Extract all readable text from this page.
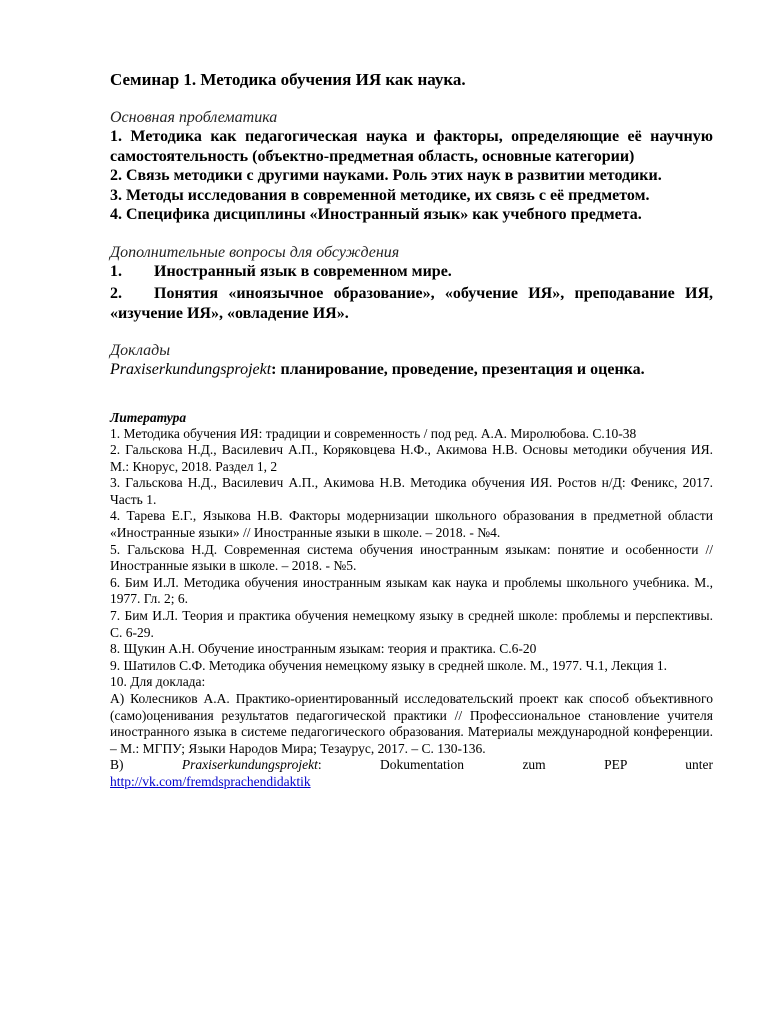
Семинар 1. Методика обучения ИЯ как наука.

Основная проблематика
1. Методика как педагогическая наука и факторы, определяющие её научную самостоятельность (объектно-предметная область, основные категории)
2. Связь методики с другими науками. Роль этих наук в развитии методики.
3. Методы исследования в современной методике, их связь с её предметом.
4. Специфика дисциплины «Иностранный язык» как учебного предмета.
Дополнительные вопросы для обсуждения
1.	Иностранный язык в современном мире.
2. Понятия «иноязычное образование», «обучение ИЯ», преподавание ИЯ, «изучение ИЯ», «овладение ИЯ».
Доклады
Praxiserkundungsprojekt: планирование, проведение, презентация и оценка.
Литература
1. Методика обучения ИЯ: традиции и современность / под ред. А.А. Миролюбова. С.10-38
2. Гальскова Н.Д., Василевич А.П., Коряковцева Н.Ф., Акимова Н.В. Основы методики обучения ИЯ. М.: Кнорус, 2018. Раздел 1, 2
3. Гальскова Н.Д., Василевич А.П., Акимова Н.В. Методика обучения ИЯ. Ростов н/Д: Феникс, 2017. Часть 1.
4. Тарева Е.Г., Языкова Н.В. Факторы модернизации школьного образования в предметной области «Иностранные языки» // Иностранные языки в школе. – 2018. - №4.
5. Гальскова Н.Д. Современная система обучения иностранным языкам: понятие и особенности // Иностранные языки в школе. – 2018. - №5.
6. Бим И.Л. Методика обучения иностранным языкам как наука и проблемы школьного учебника. М., 1977. Гл. 2; 6.
7. Бим И.Л. Теория и практика обучения немецкому языку в средней школе: проблемы и перспективы. С. 6-29.
8. Щукин А.Н. Обучение иностранным языкам: теория и практика. С.6-20
9. Шатилов С.Ф. Методика обучения немецкому языку в средней школе. М., 1977. Ч.1, Лекция 1.
10. Для доклада:
А) Колесников А.А. Практико-ориентированный исследовательский проект как способ объективного (само)оценивания результатов педагогической практики // Профессиональное становление учителя иностранного языка в системе педагогического образования. Материалы международной конференции. – М.: МГПУ; Языки Народов Мира; Тезаурус, 2017. – С. 130-136.
В)	Praxiserkundungsprojekt: Dokumentation zum PEP unter
http://vk.com/fremdsprachendidaktik
